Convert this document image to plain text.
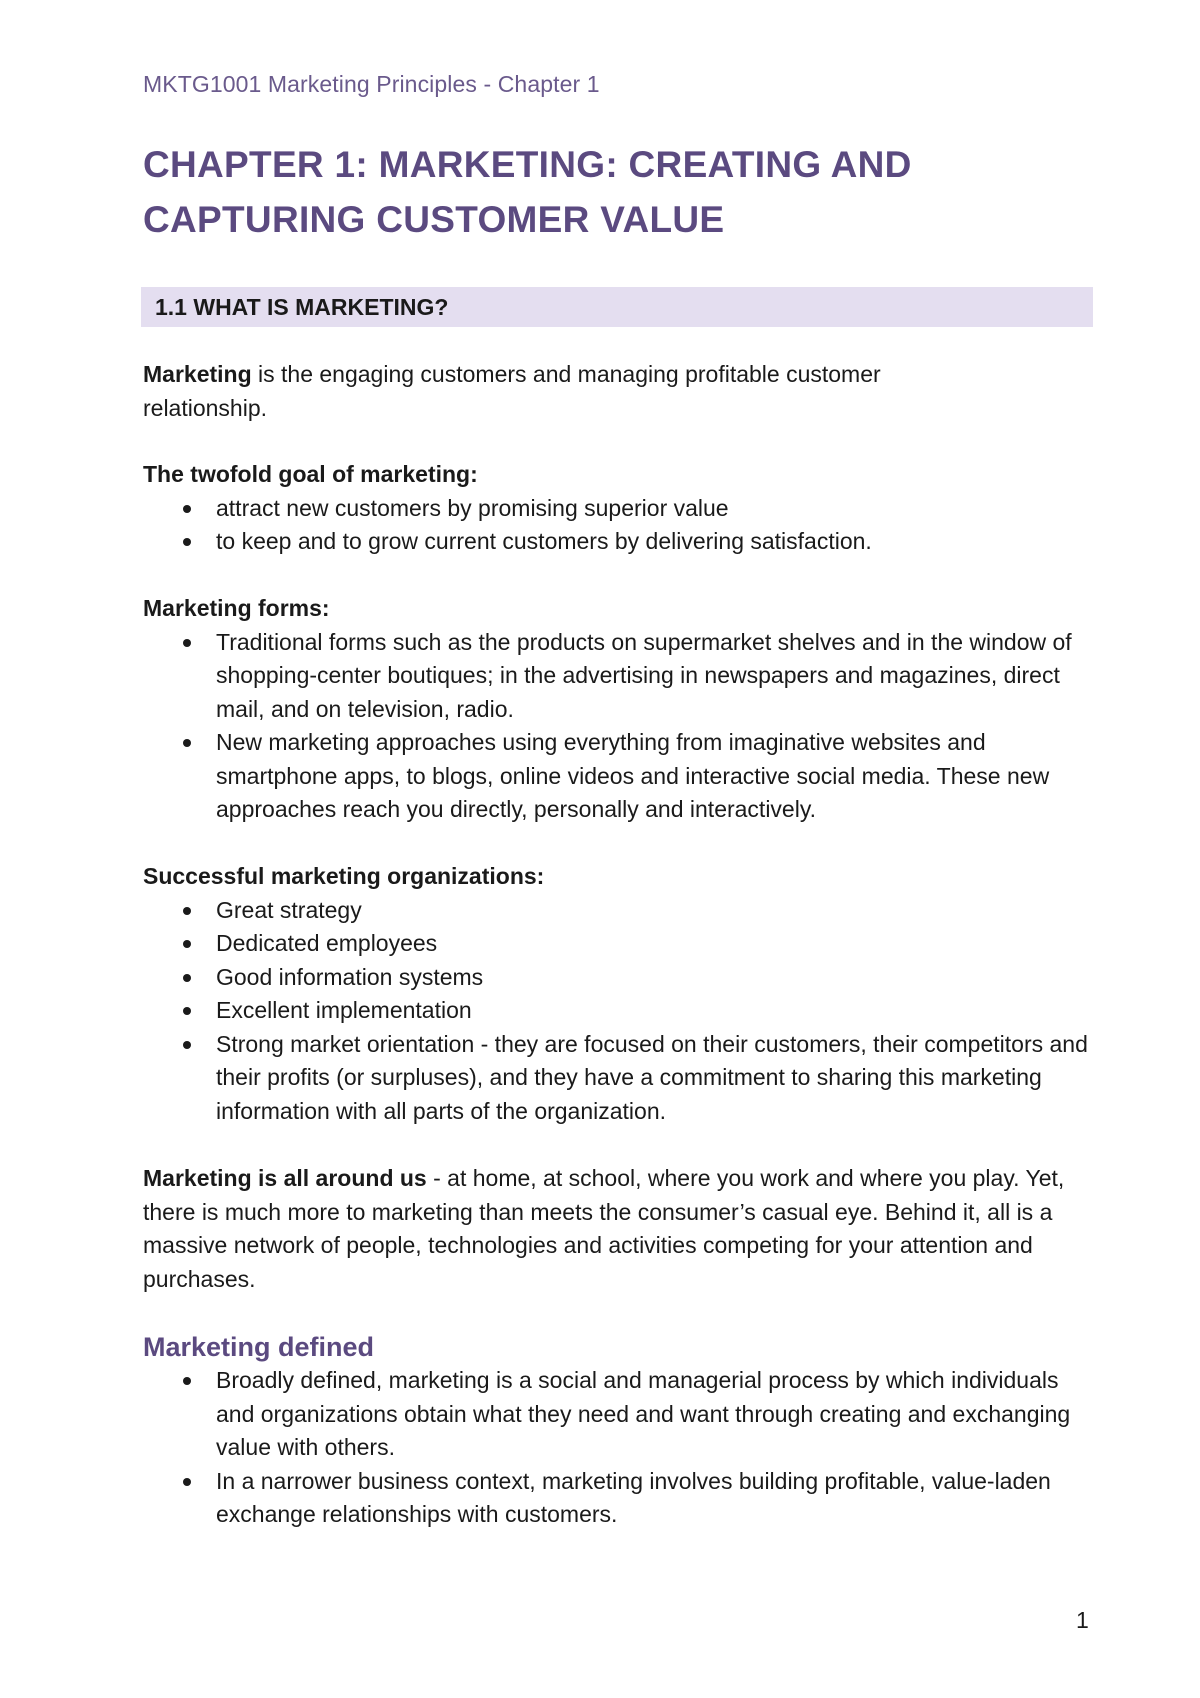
MKTG1001 Marketing Principles - Chapter 1
CHAPTER 1: MARKETING: CREATING AND
CAPTURING CUSTOMER VALUE
1.1 WHAT IS MARKETING?

Marketing is the engaging customers and managing profitable customer relationship.

The twofold goal of marketing:

attract new customers by promising superior value
to keep and to grow current customers by delivering satisfaction.

Marketing forms:

Traditional forms such as the products on supermarket shelves and in the window of shopping-center boutiques; in the advertising in newspapers and magazines, direct mail, and on television, radio.
New marketing approaches using everything from imaginative websites and smartphone apps, to blogs, online videos and interactive social media. These new approaches reach you directly, personally and interactively.

Successful marketing organizations:

Great strategy
Dedicated employees
Good information systems
Excellent implementation
Strong market orientation - they are focused on their customers, their competitors and their profits (or surpluses), and they have a commitment to sharing this marketing information with all parts of the organization.

Marketing is all around us - at home, at school, where you work and where you play. Yet, there is much more to marketing than meets the consumer’s casual eye. Behind it, all is a massive network of people, technologies and activities competing for your attention and purchases.

Marketing defined
Broadly defined, marketing is a social and managerial process by which individuals and organizations obtain what they need and want through creating and exchanging value with others.
In a narrower business context, marketing involves building profitable, value-laden exchange relationships with customers.
1
